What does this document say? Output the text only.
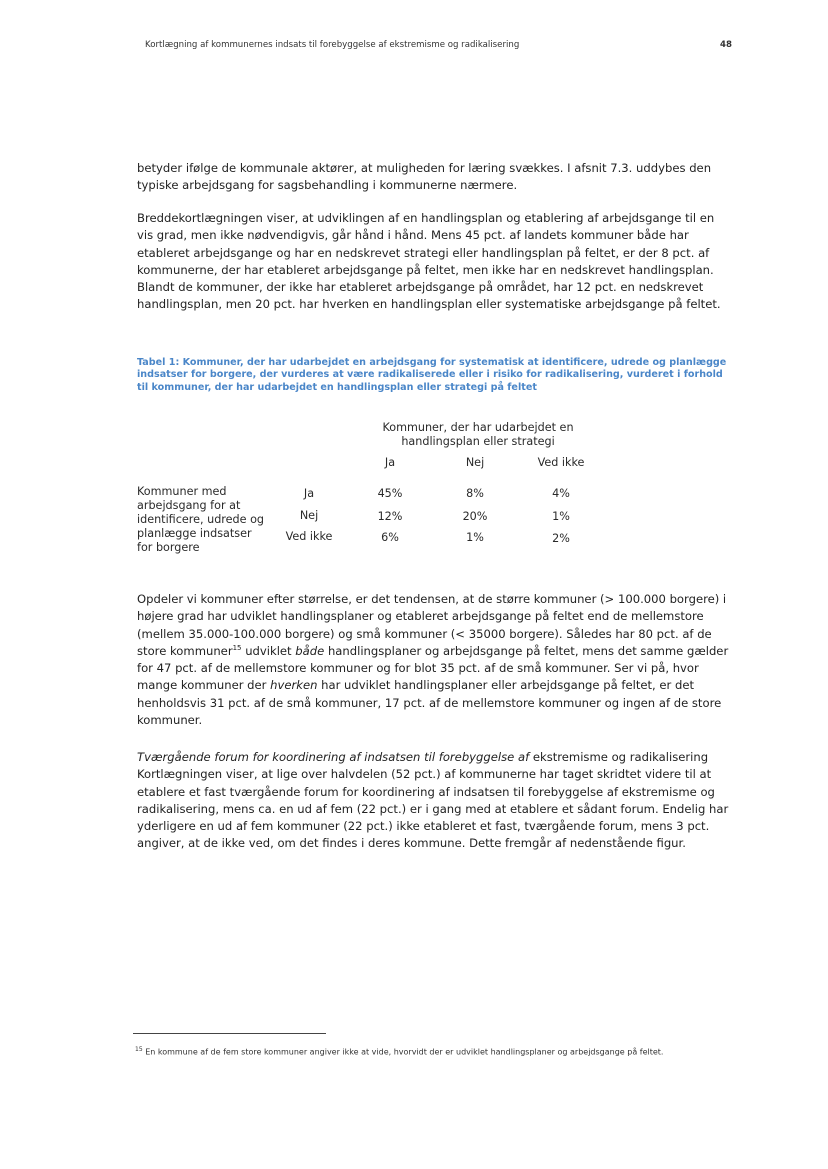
Kortlægning af kommunernes indsats til forebyggelse af ekstremisme og radikalisering	48

betyder ifølge de kommunale aktører, at muligheden for læring svækkes. I afsnit 7.3. uddybes den typiske arbejdsgang for sagsbehandling i kommunerne nærmere.

Breddekortlægningen viser, at udviklingen af en handlingsplan og etablering af arbejdsgange til en vis grad, men ikke nødvendigvis, går hånd i hånd. Mens 45 pct. af landets kommuner både har etableret arbejdsgange og har en nedskrevet strategi eller handlingsplan på feltet, er der 8 pct. af kommunerne, der har etableret arbejdsgange på feltet, men ikke har en nedskrevet handlingsplan. Blandt de kommuner, der ikke har etableret arbejdsgange på området, har 12 pct. en nedskrevet handlingsplan, men 20 pct. har hverken en handlingsplan eller systematiske arbejdsgange på feltet.

Tabel 1: Kommuner, der har udarbejdet en arbejdsgang for systematisk at identificere, udrede og planlægge indsatser for borgere, der vurderes at være radikaliserede eller i risiko for radikalisering, vurderet i forhold til kommuner, der har udarbejdet en handlingsplan eller strategi på feltet
Kommuner, der har udarbejdet en handlingsplan eller strategi
Ja	Nej	Ved ikke
Kommuner med arbejdsgang for at identificere, udrede og planlægge indsatser for borgere
Ja	45%	8%	4%
Nej	12%	20%	1%
Ved ikke	6%	1%	2%

Opdeler vi kommuner efter størrelse, er det tendensen, at de større kommuner (> 100.000 borgere) i højere grad har udviklet handlingsplaner og etableret arbejdsgange på feltet end de mellemstore (mellem 35.000-100.000 borgere) og små kommuner (< 35000 borgere). Således har 80 pct. af de store kommuner$^{15}$ udviklet både handlingsplaner og arbejdsgange på feltet, mens det samme gælder for 47 pct. af de mellemstore kommuner og for blot 35 pct. af de små kommuner. Ser vi på, hvor mange kommuner der hverken har udviklet handlingsplaner eller arbejdsgange på feltet, er det henholdsvis 31 pct. af de små kommuner, 17 pct. af de mellemstore kommuner og ingen af de store kommuner.

Tværgående forum for koordinering af indsatsen til forebyggelse af ekstremisme og radikalisering Kortlægningen viser, at lige over halvdelen (52 pct.) af kommunerne har taget skridtet videre til at etablere et fast tværgående forum for koordinering af indsatsen til forebyggelse af ekstremisme og radikalisering, mens ca. en ud af fem (22 pct.) er i gang med at etablere et sådant forum. Endelig har yderligere en ud af fem kommuner (22 pct.) ikke etableret et fast, tværgående forum, mens 3 pct. angiver, at de ikke ved, om det findes i deres kommune. Dette fremgår af nedenstående figur.

$^{15}$ En kommune af de fem store kommuner angiver ikke at vide, hvorvidt der er udviklet handlingsplaner og arbejdsgange på feltet.
